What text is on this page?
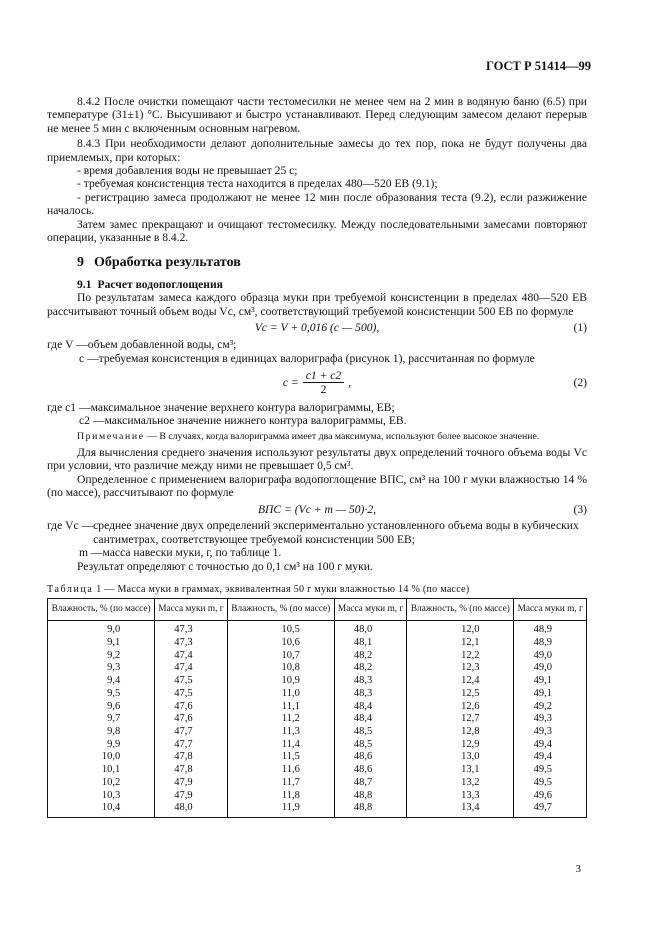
ГОСТ Р 51414—99

8.4.2 После очистки помещают части тестомесилки не менее чем на 2 мин в водяную баню (6.5) при температуре (31±1) °С. Высушивают и быстро устанавливают. Перед следующим замесом делают перерыв не менее 5 мин с включенным основным нагревом.

8.4.3 При необходимости делают дополнительные замесы до тех пор, пока не будут получены два приемлемых, при которых:

- время добавления воды не превышает 25 с;

- требуемая консистенция теста находится в пределах 480—520 ЕВ (9.1);

- регистрацию замеса продолжают не менее 12 мин после образования теста (9.2), если разжижение началось.

Затем замес прекращают и очищают тестомесилку. Между последовательными замесами повторяют операции, указанные в 8.4.2.

9 Обработка результатов
9.1 Расчет водопоглощения

По результатам замеса каждого образца муки при требуемой консистенции в пределах 480—520 ЕВ рассчитывают точный объем воды Vc, см³, соответствующий требуемой консистенции 500 ЕВ по формуле

Vc = V + 0,016 (c — 500),	(1)
где V — объем добавленной воды, см³;
c — требуемая консистенция в единицах валориграфа (рисунок 1), рассчитанная по формуле
$c = \frac{c1 + c2}{2}$ ,	(2)
где c1 — максимальное значение верхнего контура валориграммы, ЕВ;
c2 — максимальное значение нижнего контура валориграммы, ЕВ.

Примечание — В случаях, когда валориграмма имеет два максимума, используют более высокое значение.

Для вычисления среднего значения используют результаты двух определений точного объема воды Vc при условии, что различие между ними не превышает 0,5 см³.

Определенное с применением валориграфа водопоглощение ВПС, см³ на 100 г муки влажностью 14 % (по массе), рассчитывают по формуле

ВПС = (Vc + m — 50)·2,	(3)
где Vc — среднее значение двух определений экспериментально установленного объема воды в кубических сантиметрах, соответствующее требуемой консистенции 500 ЕВ;
m — масса навески муки, г, по таблице 1.

Результат определяют с точностью до 0,1 см³ на 100 г муки.

Таблица 1 — Масса муки в граммах, эквивалентная 50 г муки влажностью 14 % (по массе)
Влажность, % (по массе)	Масса муки m, г	Влажность, % (по массе)	Масса муки m, г	Влажность, % (по массе)	Масса муки m, г
9,0	47,3	10,5	48,0	12,0	48,9
9,1	47,3	10,6	48,1	12,1	48,9
9,2	47,4	10,7	48,2	12,2	49,0
9,3	47,4	10,8	48,2	12,3	49,0
9,4	47,5	10,9	48,3	12,4	49,1
9,5	47,5	11,0	48,3	12,5	49,1
9,6	47,6	11,1	48,4	12,6	49,2
9,7	47,6	11,2	48,4	12,7	49,3
9,8	47,7	11,3	48,5	12,8	49,3
9,9	47,7	11,4	48,5	12,9	49,4
10,0	47,8	11,5	48,6	13,0	49,4
10,1	47,8	11,6	48,6	13,1	49,5
10,2	47,9	11,7	48,7	13,2	49,5
10,3	47,9	11,8	48,8	13,3	49,6
10,4	48,0	11,9	48,8	13,4	49,7
3
